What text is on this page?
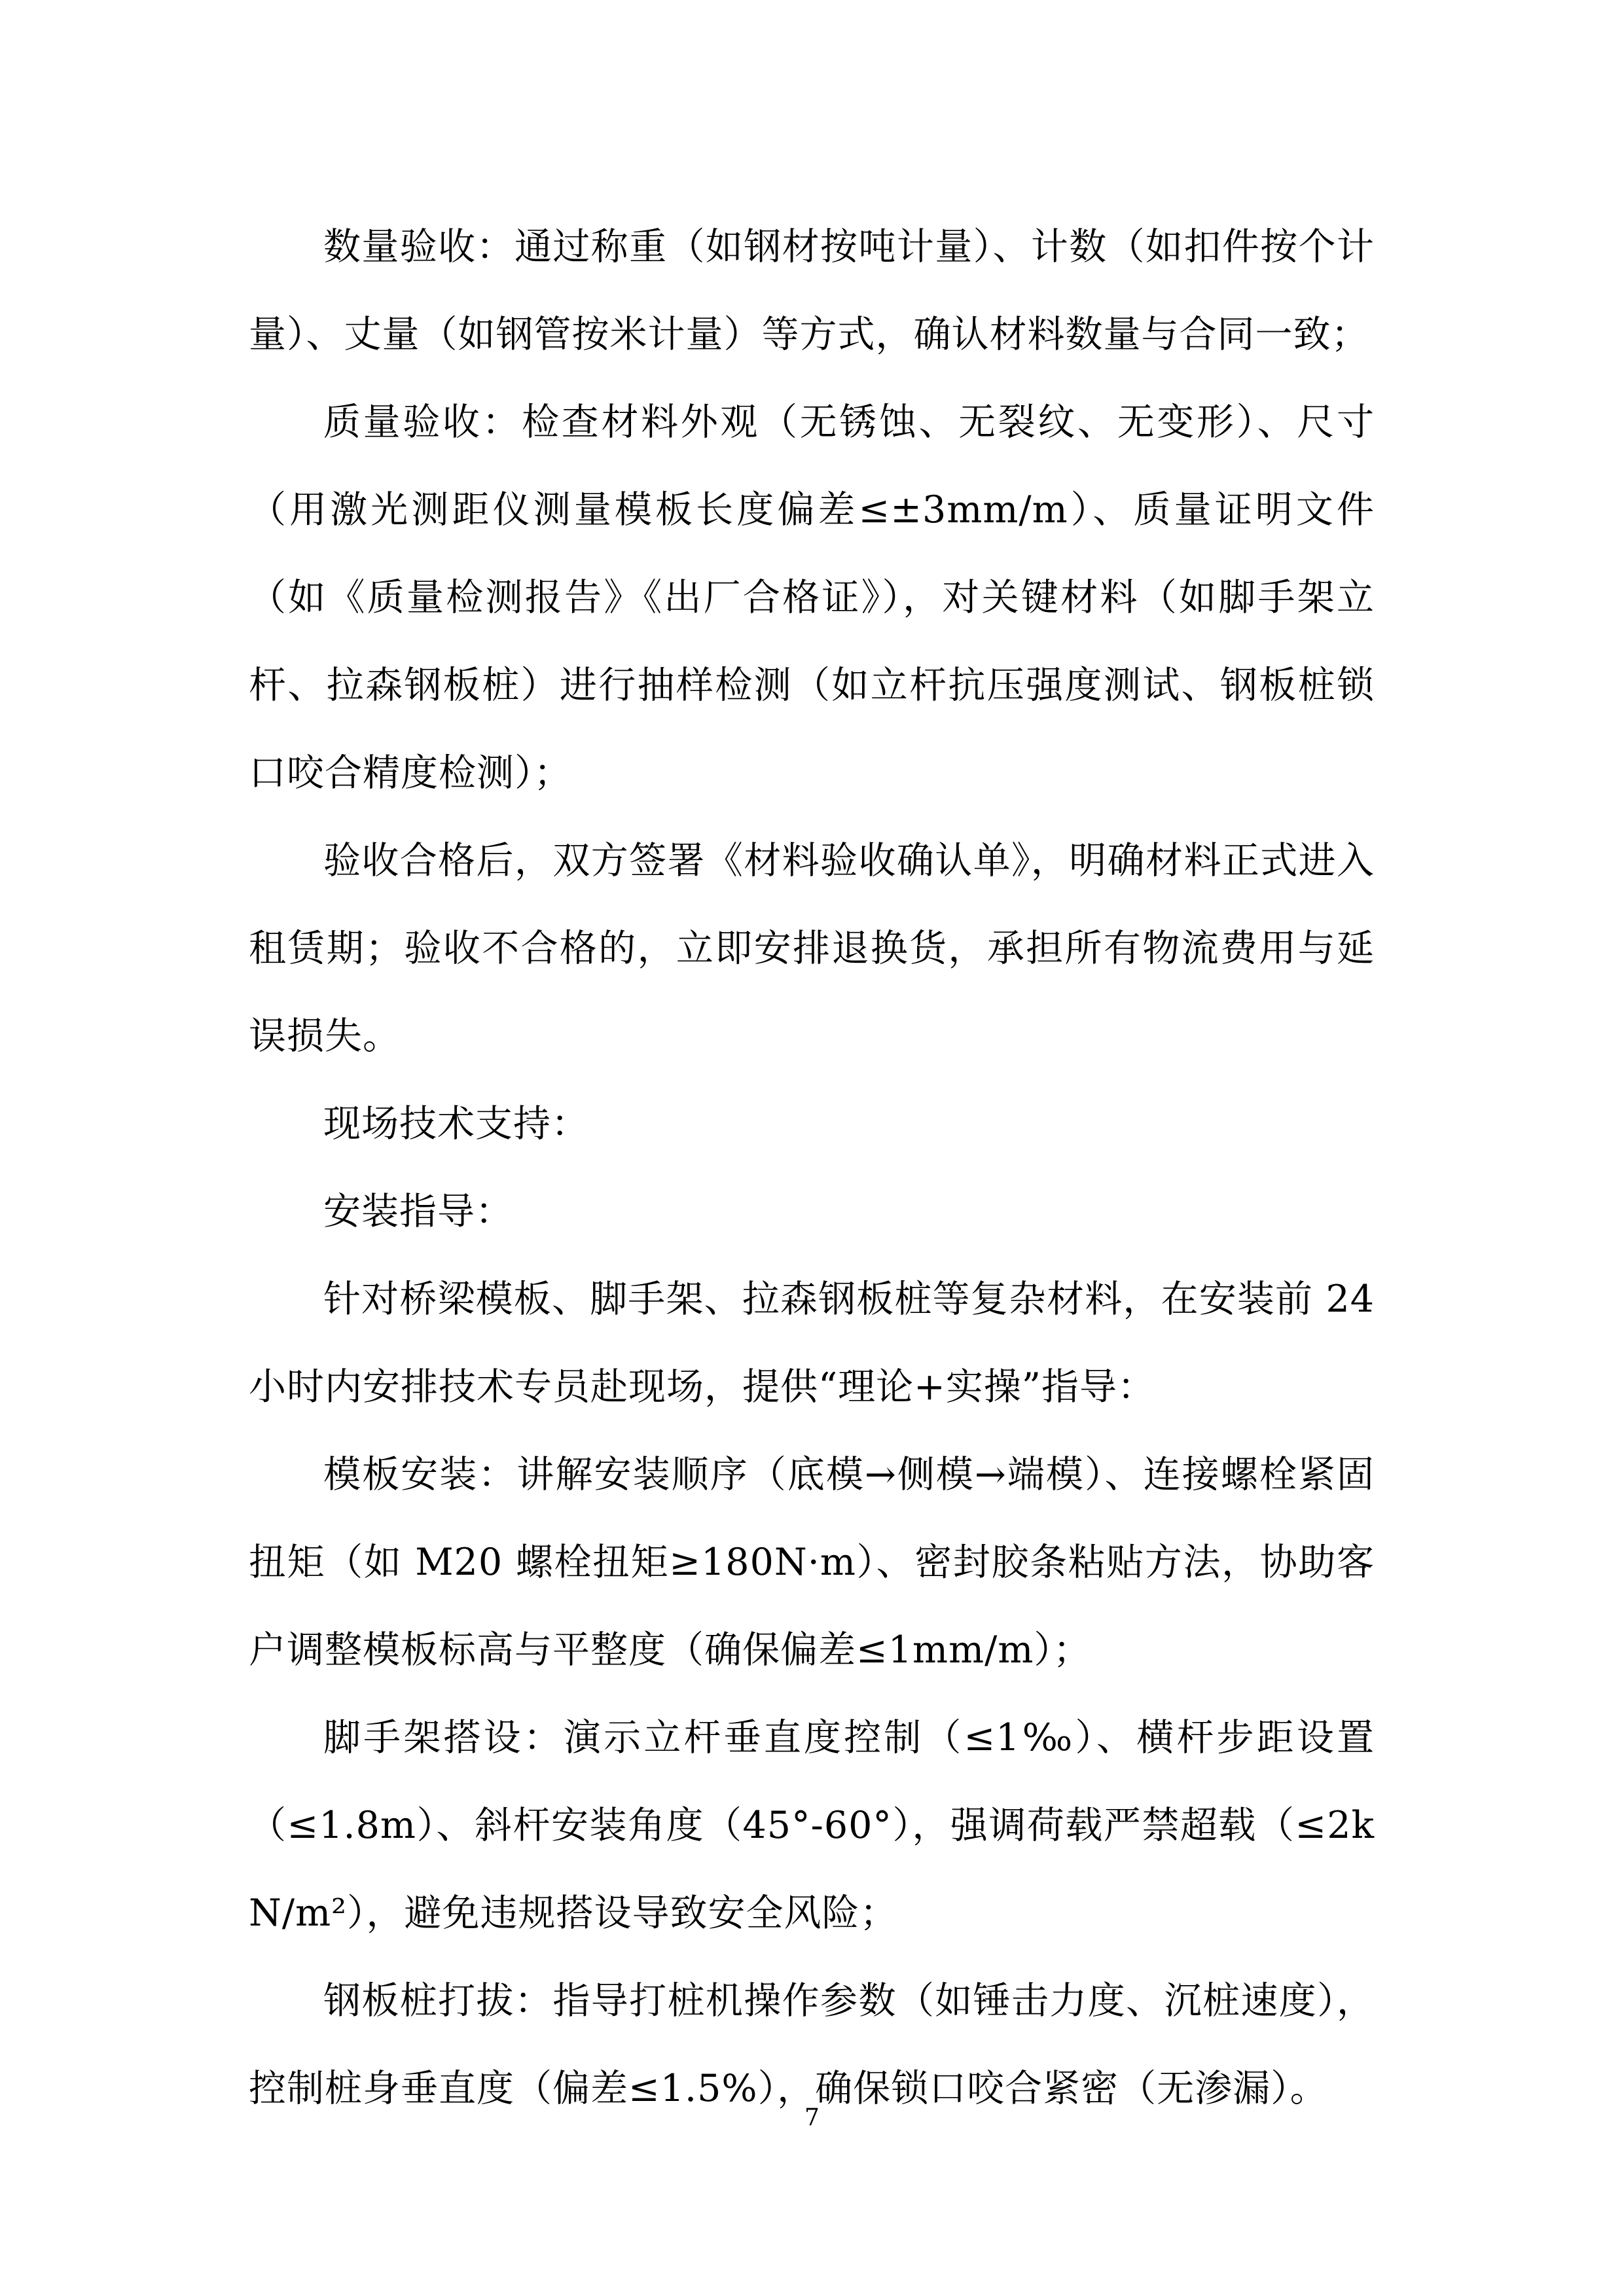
数量验收：通过称重（如钢材按吨计量）、计数（如扣件按个计量）、丈量（如钢管按米计量）等方式，确认材料数量与合同一致；

质量验收：检查材料外观（无锈蚀、无裂纹、无变形）、尺寸（用激光测距仪测量模板长度偏差≤±3mm/m）、质量证明文件（如《质量检测报告》《出厂合格证》），对关键材料（如脚手架立杆、拉森钢板桩）进行抽样检测（如立杆抗压强度测试、钢板桩锁口咬合精度检测）；

验收合格后，双方签署《材料验收确认单》，明确材料正式进入租赁期；验收不合格的，立即安排退换货，承担所有物流费用与延误损失。

现场技术支持：

安装指导：

针对桥梁模板、脚手架、拉森钢板桩等复杂材料，在安装前 24 小时内安排技术专员赴现场，提供“理论+实操”指导：

模板安装：讲解安装顺序（底模→侧模→端模）、连接螺栓紧固扭矩（如 M20 螺栓扭矩≥180N·m）、密封胶条粘贴方法，协助客户调整模板标高与平整度（确保偏差≤1mm/m）；

脚手架搭设：演示立杆垂直度控制（≤1‰）、横杆步距设置（≤1.8m）、斜杆安装角度（45°-60°），强调荷载严禁超载（≤2kN/m²），避免违规搭设导致安全风险；

钢板桩打拔：指导打桩机操作参数（如锤击力度、沉桩速度），控制桩身垂直度（偏差≤1.5%），确保锁口咬合紧密（无渗漏）。

7
